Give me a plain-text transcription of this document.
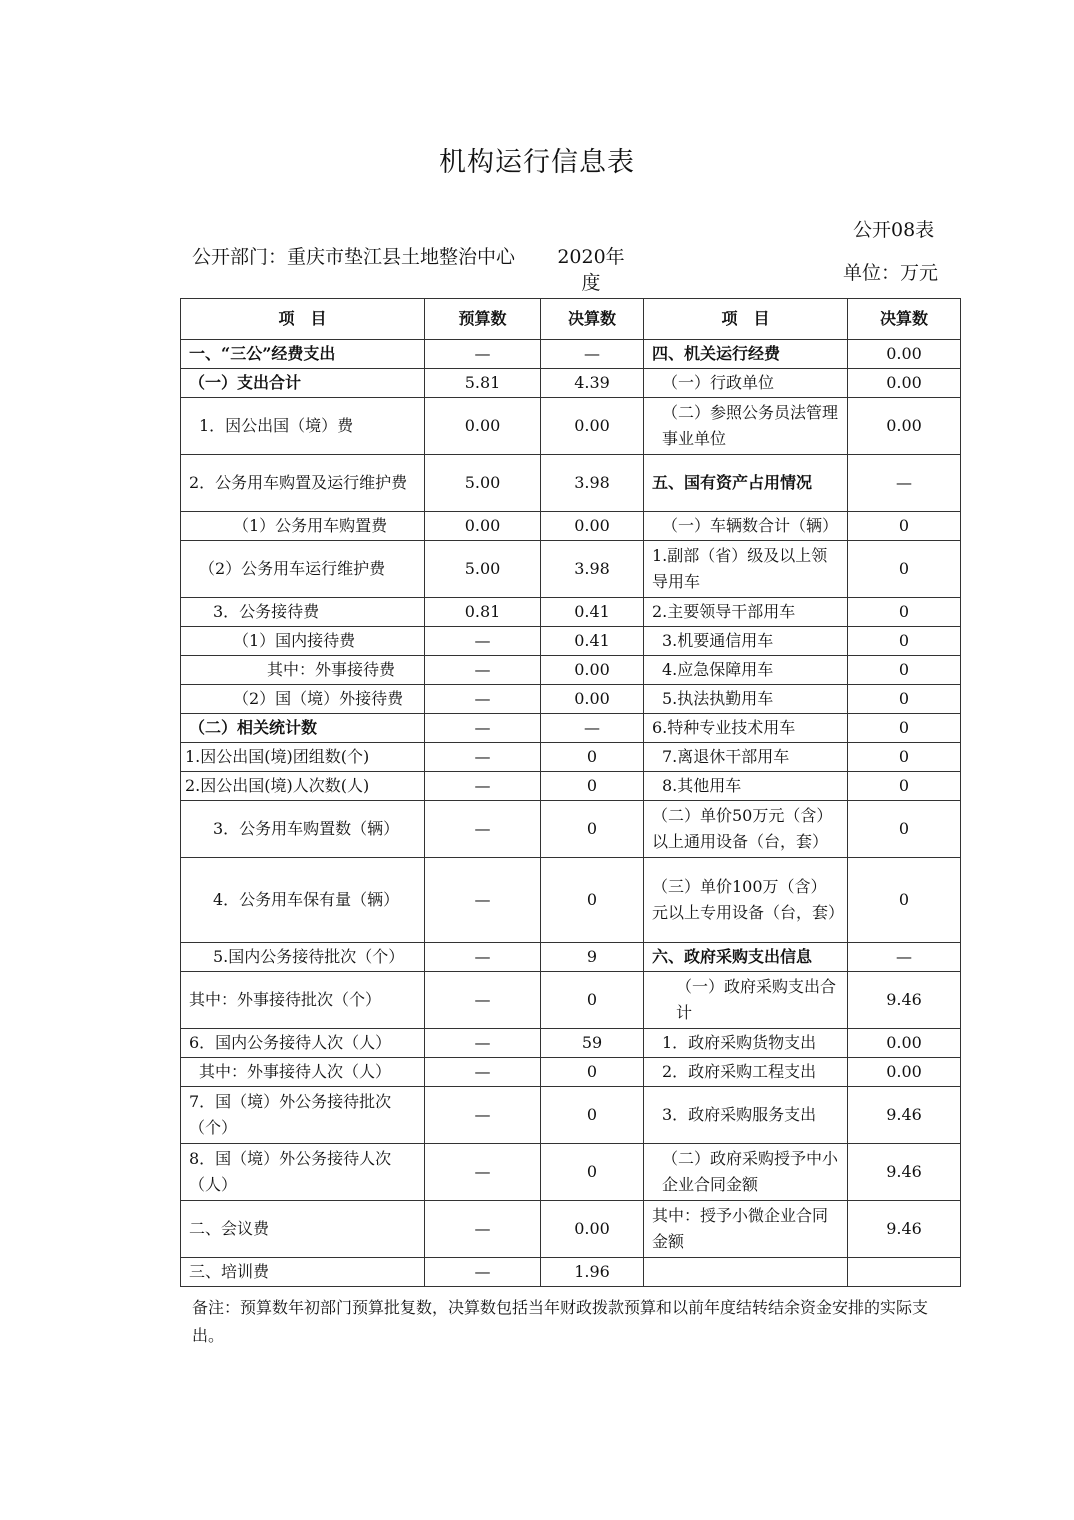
机构运行信息表
公开08表
公开部门：重庆市垫江县土地整治中心	2020年度	单位：万元
项　目	预算数	决算数	项　目	决算数
一、“三公”经费支出	—	—	四、机关运行经费	0.00
（一）支出合计	5.81	4.39	（一）行政单位	0.00
1．因公出国（境）费	0.00	0.00	（二）参照公务员法管理事业单位	0.00
2．公务用车购置及运行维护费	5.00	3.98	五、国有资产占用情况	—
（1）公务用车购置费	0.00	0.00	（一）车辆数合计（辆）	0
（2）公务用车运行维护费	5.00	3.98	1.副部（省）级及以上领导用车	0
3．公务接待费	0.81	0.41	2.主要领导干部用车	0
（1）国内接待费	—	0.41	3.机要通信用车	0
其中：外事接待费	—	0.00	4.应急保障用车	0
（2）国（境）外接待费	—	0.00	5.执法执勤用车	0
（二）相关统计数	—	—	6.特种专业技术用车	0
1.因公出国(境)团组数(个)	—	0	7.离退休干部用车	0
2.因公出国(境)人次数(人)	—	0	8.其他用车	0
3．公务用车购置数（辆）	—	0	（二）单价50万元（含）以上通用设备（台，套）	0
4．公务用车保有量（辆）	—	0	（三）单价100万（含）元以上专用设备（台，套）	0
5.国内公务接待批次（个）	—	9	六、政府采购支出信息	—
其中：外事接待批次（个）	—	0	（一）政府采购支出合计	9.46
6．国内公务接待人次（人）	—	59	1．政府采购货物支出	0.00
其中：外事接待人次（人）	—	0	2．政府采购工程支出	0.00
7．国（境）外公务接待批次（个）	—	0	3．政府采购服务支出	9.46
8．国（境）外公务接待人次（人）	—	0	（二）政府采购授予中小企业合同金额	9.46
二、会议费	—	0.00	其中：授予小微企业合同金额	9.46
三、培训费	—	1.96		
备注：预算数年初部门预算批复数，决算数包括当年财政拨款预算和以前年度结转结余资金安排的实际支出。
